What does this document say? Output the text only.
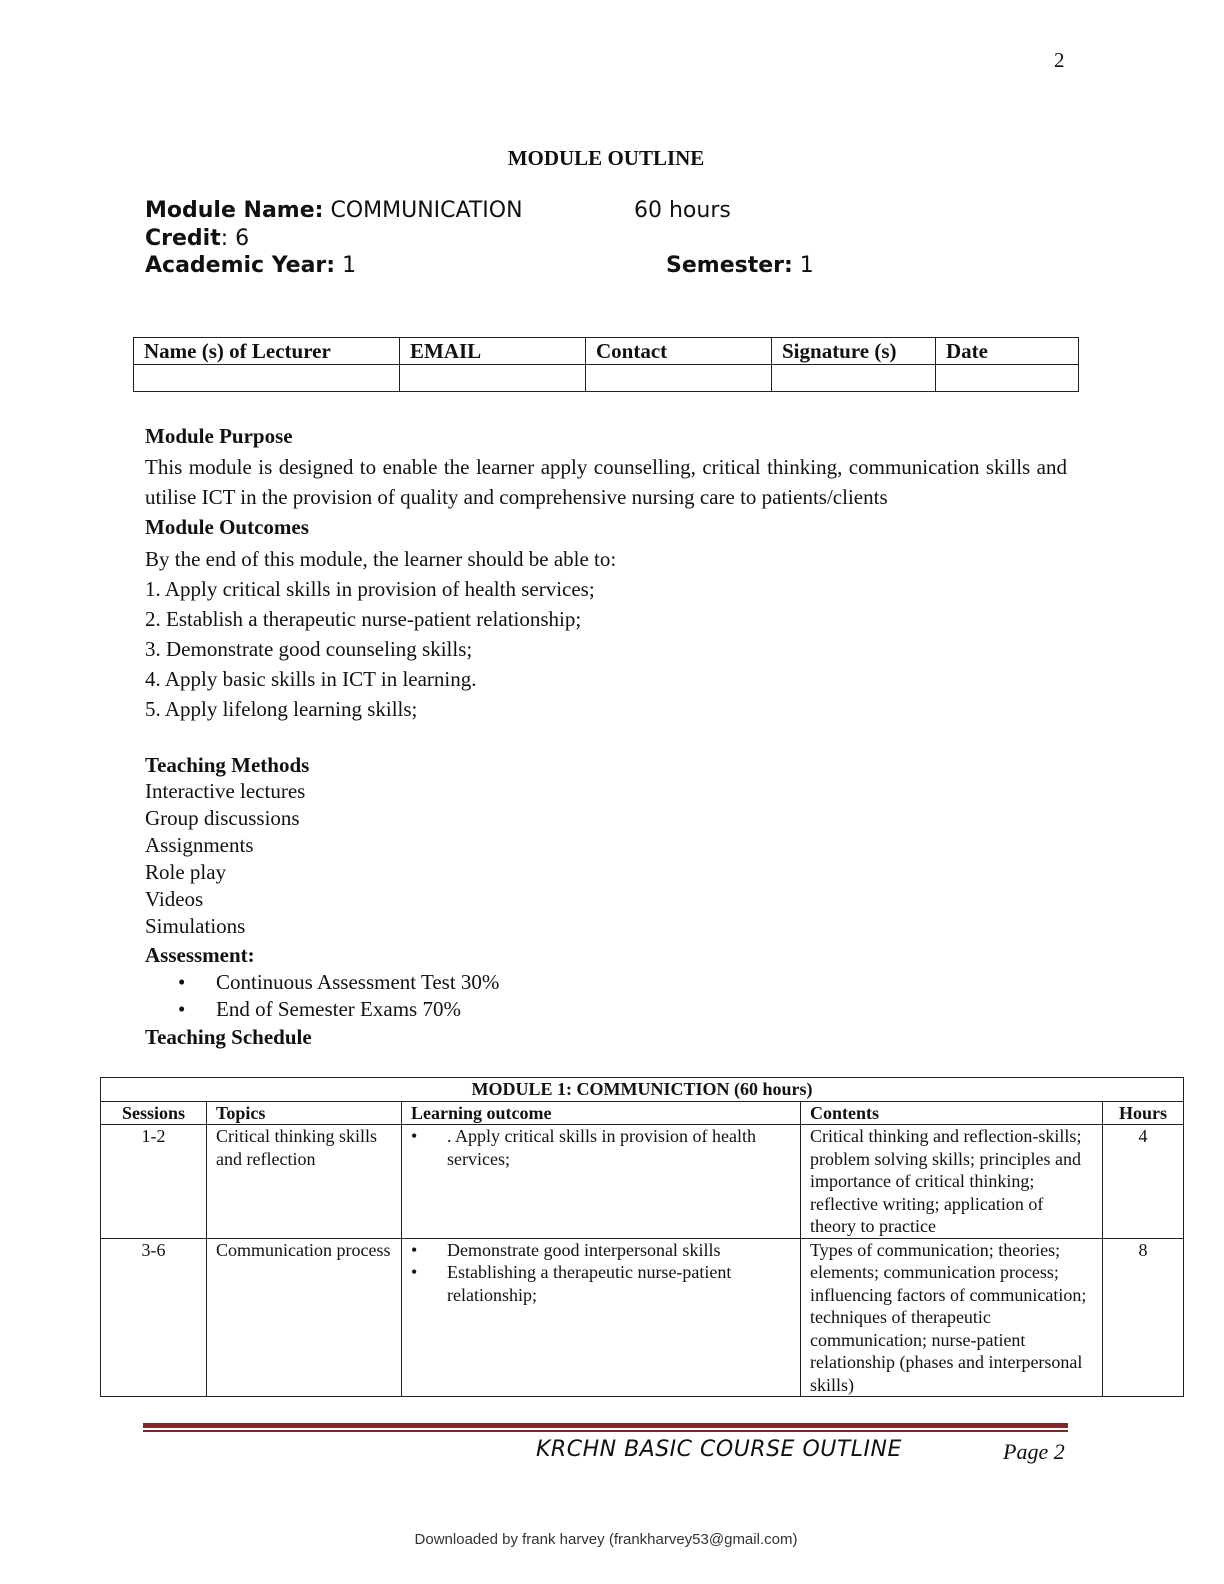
2
MODULE OUTLINE
Module Name: COMMUNICATION	60 hours
Credit: 6
Academic Year: 1	Semester: 1
Name (s) of Lecturer	EMAIL	Contact	Signature (s)	Date

Module Purpose
This module is designed to enable the learner apply counselling, critical thinking, communication skills and utilise ICT in the provision of quality and comprehensive nursing care to patients/clients
Module Outcomes
By the end of this module, the learner should be able to:
1. Apply critical skills in provision of health services;
2. Establish a therapeutic nurse-patient relationship;
3. Demonstrate good counseling skills;
4. Apply basic skills in ICT in learning.
5. Apply lifelong learning skills;
Teaching Methods
Interactive lectures
Group discussions
Assignments
Role play
Videos
Simulations
Assessment:
• Continuous Assessment Test 30%
• End of Semester Exams 70%
Teaching Schedule
MODULE 1: COMMUNICTION (60 hours)
Sessions	Topics	Learning outcome	Contents	Hours
1-2	Critical thinking skills and reflection	
• . Apply critical skills in provision of health services;
	Critical thinking and reflection-skills; problem solving skills; principles and importance of critical thinking; reflective writing; application of theory to practice	4
3-6	Communication process	• Demonstrate good interpersonal skills
• Establishing a therapeutic nurse-patient relationship;
	Types of communication; theories; elements; communication process; influencing factors of communication; techniques of therapeutic communication; nurse-patient relationship (phases and interpersonal skills)	8
KRCHN BASIC COURSE OUTLINE	Page 2
Downloaded by frank harvey (frankharvey53@gmail.com)
